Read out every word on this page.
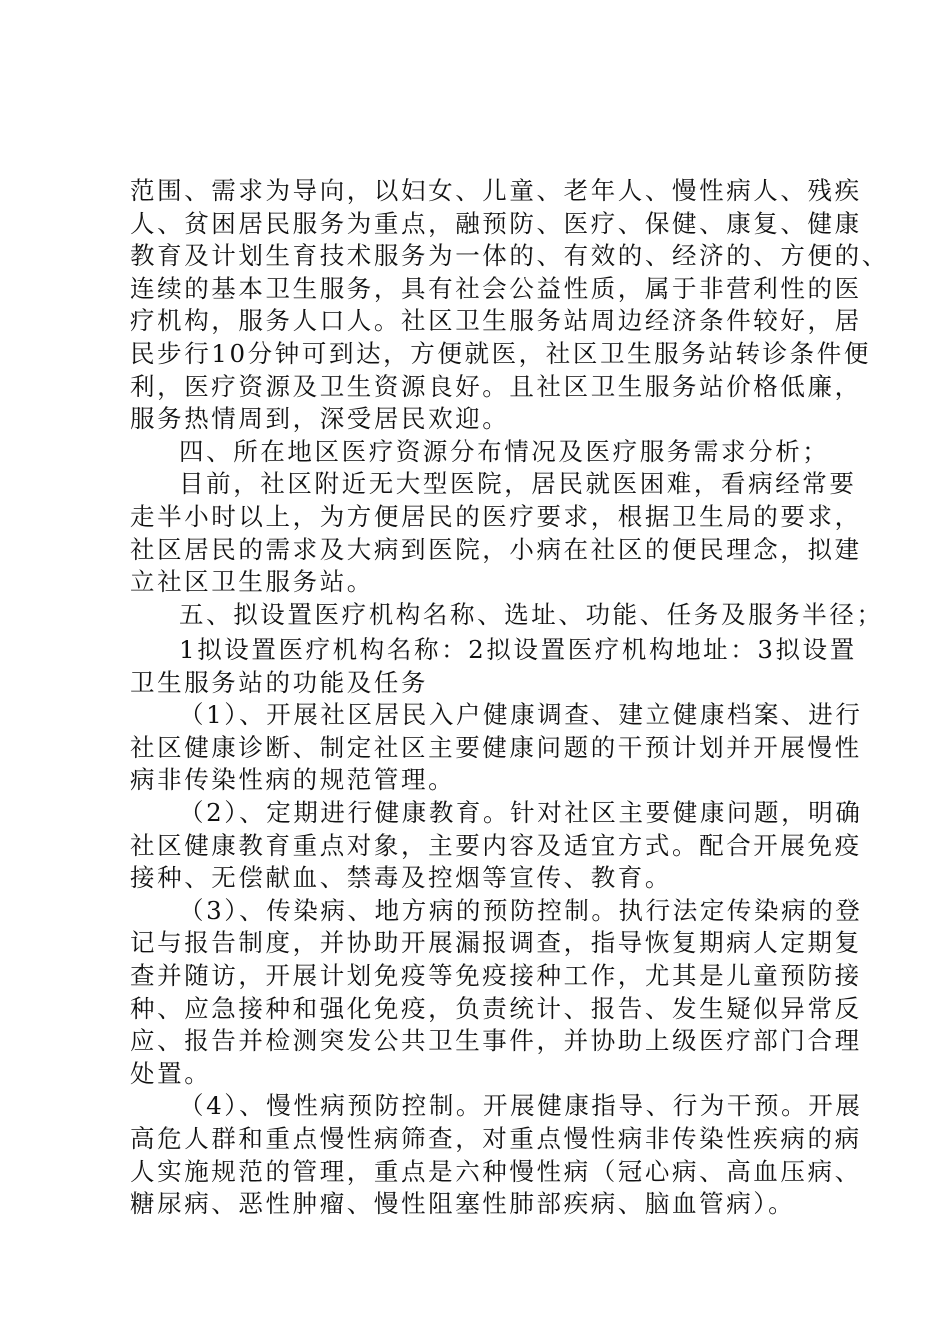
范围、需求为导向，以妇女、儿童、老年人、慢性病人、残疾
人、贫困居民服务为重点，融预防、医疗、保健、康复、健康
教育及计划生育技术服务为一体的、有效的、经济的、方便的、
连续的基本卫生服务，具有社会公益性质，属于非营利性的医
疗机构，服务人口人。社区卫生服务站周边经济条件较好，居
民步行10分钟可到达，方便就医，社区卫生服务站转诊条件便
利，医疗资源及卫生资源良好。且社区卫生服务站价格低廉，
服务热情周到，深受居民欢迎。
四、所在地区医疗资源分布情况及医疗服务需求分析；
目前，社区附近无大型医院，居民就医困难，看病经常要
走半小时以上，为方便居民的医疗要求，根据卫生局的要求，
社区居民的需求及大病到医院，小病在社区的便民理念，拟建
立社区卫生服务站。
五、拟设置医疗机构名称、选址、功能、任务及服务半径；
1拟设置医疗机构名称：2拟设置医疗机构地址：3拟设置
卫生服务站的功能及任务
（1）、开展社区居民入户健康调查、建立健康档案、进行
社区健康诊断、制定社区主要健康问题的干预计划并开展慢性
病非传染性病的规范管理。
（2）、定期进行健康教育。针对社区主要健康问题，明确
社区健康教育重点对象，主要内容及适宜方式。配合开展免疫
接种、无偿献血、禁毒及控烟等宣传、教育。
（3）、传染病、地方病的预防控制。执行法定传染病的登
记与报告制度，并协助开展漏报调查，指导恢复期病人定期复
查并随访，开展计划免疫等免疫接种工作，尤其是儿童预防接
种、应急接种和强化免疫，负责统计、报告、发生疑似异常反
应、报告并检测突发公共卫生事件，并协助上级医疗部门合理
处置。
（4）、慢性病预防控制。开展健康指导、行为干预。开展
高危人群和重点慢性病筛查，对重点慢性病非传染性疾病的病
人实施规范的管理，重点是六种慢性病（冠心病、高血压病、
糖尿病、恶性肿瘤、慢性阻塞性肺部疾病、脑血管病）。
